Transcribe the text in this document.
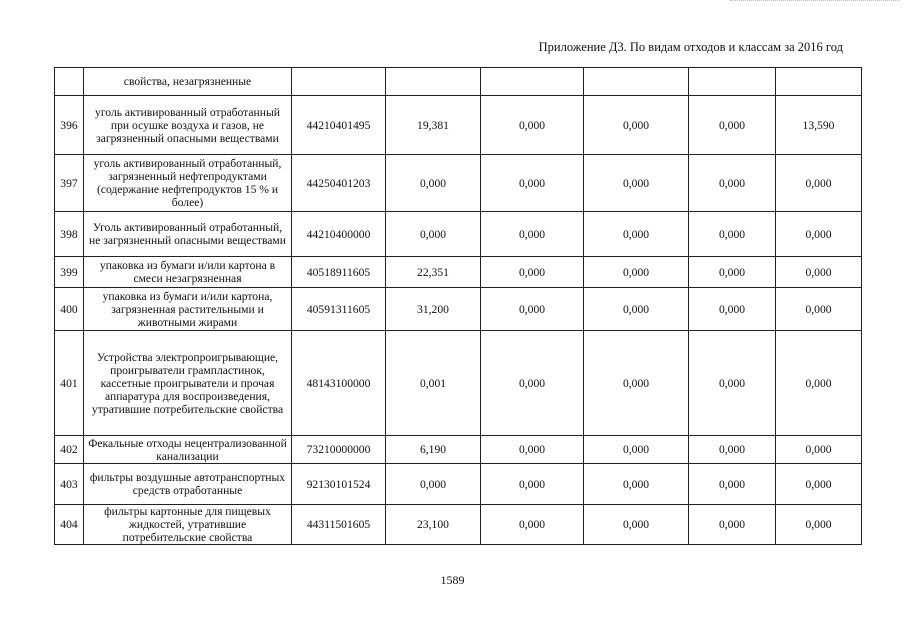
Приложение Д3. По видам отходов и классам за 2016 год
	свойства, незагрязненные						
396	уголь активированный отработанный при осушке воздуха и газов, не загрязненный опасными веществами	44210401495	19,381	0,000	0,000	0,000	13,590
397	уголь активированный отработанный, загрязненный нефтепродуктами (содержание нефтепродуктов 15 % и более)	44250401203	0,000	0,000	0,000	0,000	0,000
398	Уголь активированный отработанный, не загрязненный опасными веществами	44210400000	0,000	0,000	0,000	0,000	0,000
399	упаковка из бумаги и/или картона в смеси незагрязненная	40518911605	22,351	0,000	0,000	0,000	0,000
400	упаковка из бумаги и/или картона, загрязненная растительными и животными жирами	40591311605	31,200	0,000	0,000	0,000	0,000
401	Устройства электропроигрывающие, проигрыватели грампластинок, кассетные проигрыватели и прочая аппаратура для воспроизведения, утратившие потребительские свойства	48143100000	0,001	0,000	0,000	0,000	0,000
402	Фекальные отходы нецентрализованной канализации	73210000000	6,190	0,000	0,000	0,000	0,000
403	фильтры воздушные автотранспортных средств отработанные	92130101524	0,000	0,000	0,000	0,000	0,000
404	фильтры картонные для пищевых жидкостей, утратившие потребительские свойства	44311501605	23,100	0,000	0,000	0,000	0,000
1589
